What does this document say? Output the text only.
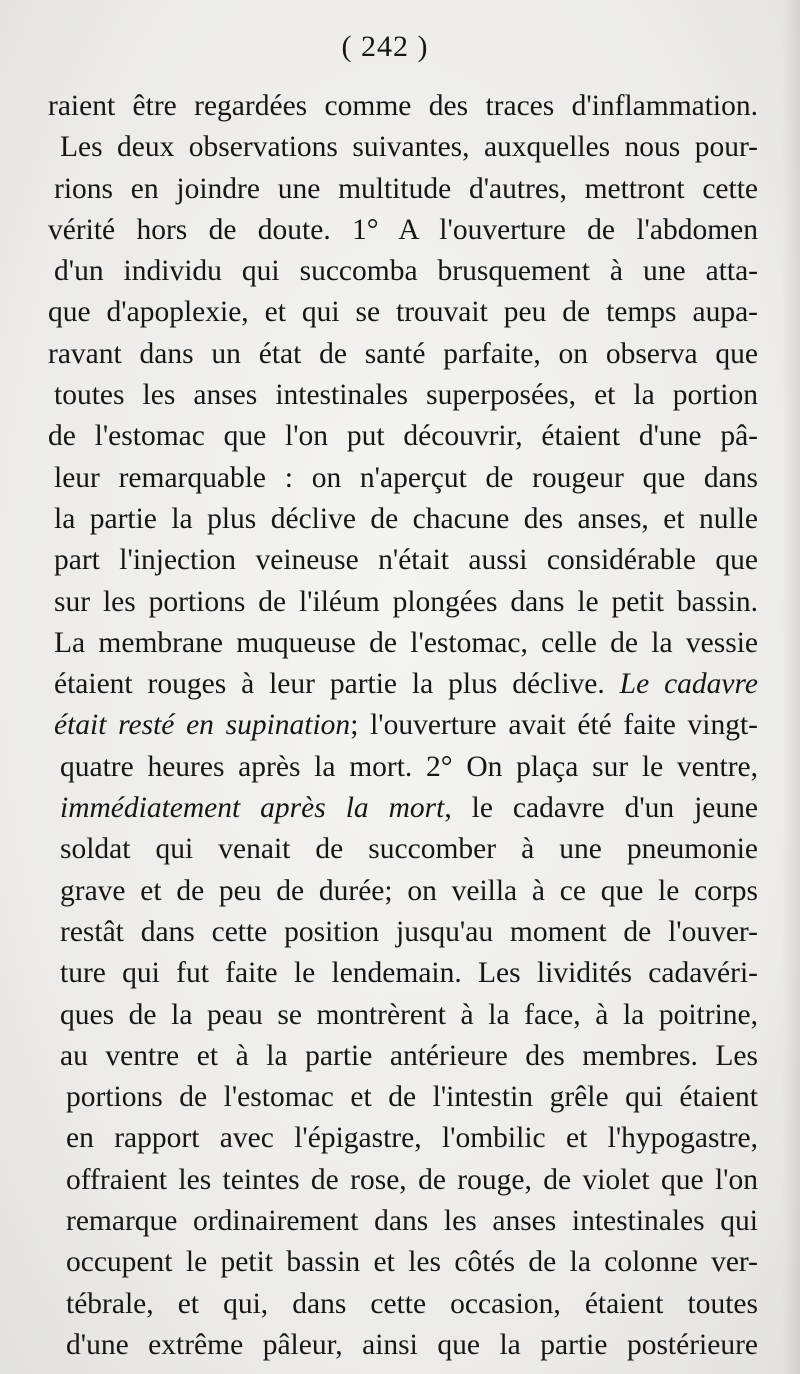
( 242 )
raient être regardées comme des traces d'inflammation.
Les deux observations suivantes, auxquelles nous pour-
rions en joindre une multitude d'autres, mettront cette
vérité hors de doute. 1° A l'ouverture de l'abdomen
d'un individu qui succomba brusquement à une atta-
que d'apoplexie, et qui se trouvait peu de temps aupa-
ravant dans un état de santé parfaite, on observa que
toutes les anses intestinales superposées, et la portion
de l'estomac que l'on put découvrir, étaient d'une pâ-
leur remarquable : on n'aperçut de rougeur que dans
la partie la plus déclive de chacune des anses, et nulle
part l'injection veineuse n'était aussi considérable que
sur les portions de l'iléum plongées dans le petit bassin.
La membrane muqueuse de l'estomac, celle de la vessie
étaient rouges à leur partie la plus déclive. Le cadavre
était resté en supination; l'ouverture avait été faite vingt-
quatre heures après la mort. 2° On plaça sur le ventre,
immédiatement après la mort, le cadavre d'un jeune
soldat qui venait de succomber à une pneumonie
grave et de peu de durée; on veilla à ce que le corps
restât dans cette position jusqu'au moment de l'ouver-
ture qui fut faite le lendemain. Les lividités cadavéri-
ques de la peau se montrèrent à la face, à la poitrine,
au ventre et à la partie antérieure des membres. Les
portions de l'estomac et de l'intestin grêle qui étaient
en rapport avec l'épigastre, l'ombilic et l'hypogastre,
offraient les teintes de rose, de rouge, de violet que l'on
remarque ordinairement dans les anses intestinales qui
occupent le petit bassin et les côtés de la colonne ver-
tébrale, et qui, dans cette occasion, étaient toutes
d'une extrême pâleur, ainsi que la partie postérieure
